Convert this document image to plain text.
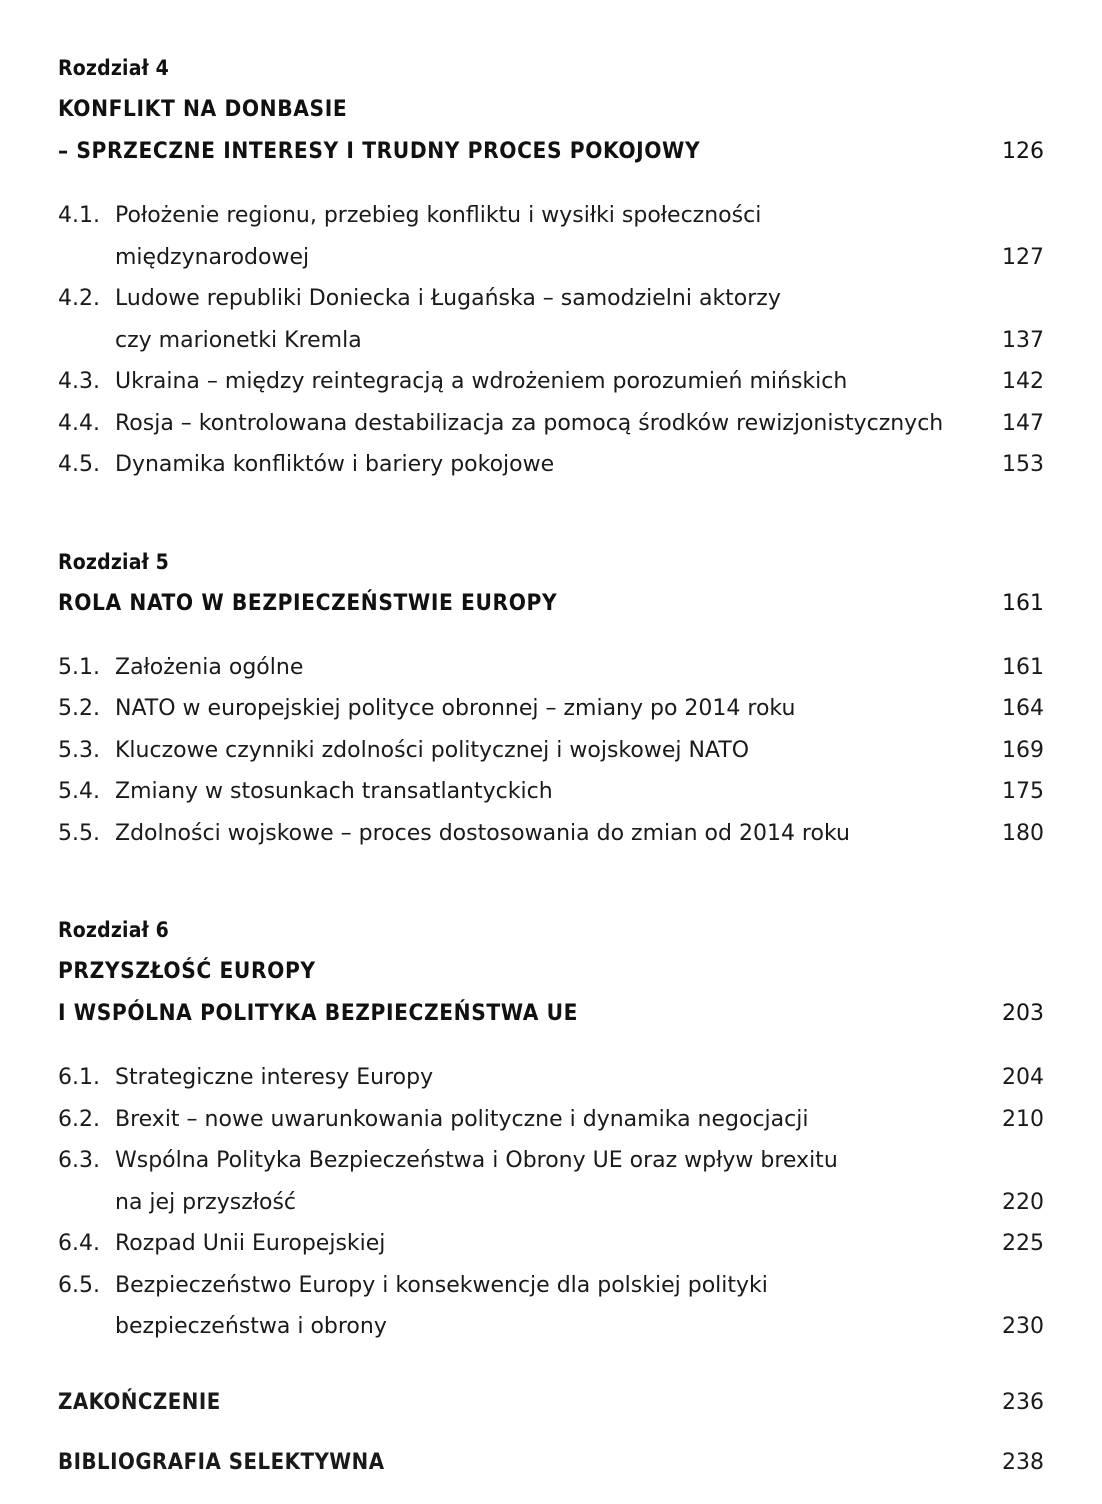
Rozdział 4
KONFLIKT NA DONBASIE
– SPRZECZNE INTERESY I TRUDNY PROCES POKOJOWY	126
4.1. Położenie regionu, przebieg konfliktu i wysiłki społeczności
międzynarodowej	127
4.2. Ludowe republiki Doniecka i Ługańska – samodzielni aktorzy
czy marionetki Kremla	137
4.3. Ukraina – między reintegracją a wdrożeniem porozumień mińskich	142
4.4. Rosja – kontrolowana destabilizacja za pomocą środków rewizjonistycznych	147
4.5. Dynamika konfliktów i bariery pokojowe	153
Rozdział 5
ROLA NATO W BEZPIECZEŃSTWIE EUROPY	161
5.1. Założenia ogólne	161
5.2. NATO w europejskiej polityce obronnej – zmiany po 2014 roku	164
5.3. Kluczowe czynniki zdolności politycznej i wojskowej NATO	169
5.4. Zmiany w stosunkach transatlantyckich	175
5.5. Zdolności wojskowe – proces dostosowania do zmian od 2014 roku	180
Rozdział 6
PRZYSZŁOŚĆ EUROPY
I WSPÓLNA POLITYKA BEZPIECZEŃSTWA UE	203
6.1. Strategiczne interesy Europy	204
6.2. Brexit – nowe uwarunkowania polityczne i dynamika negocjacji	210
6.3. Wspólna Polityka Bezpieczeństwa i Obrony UE oraz wpływ brexitu
na jej przyszłość	220
6.4. Rozpad Unii Europejskiej	225
6.5. Bezpieczeństwo Europy i konsekwencje dla polskiej polityki
bezpieczeństwa i obrony	230
ZAKOŃCZENIE	236
BIBLIOGRAFIA SELEKTYWNA	238
